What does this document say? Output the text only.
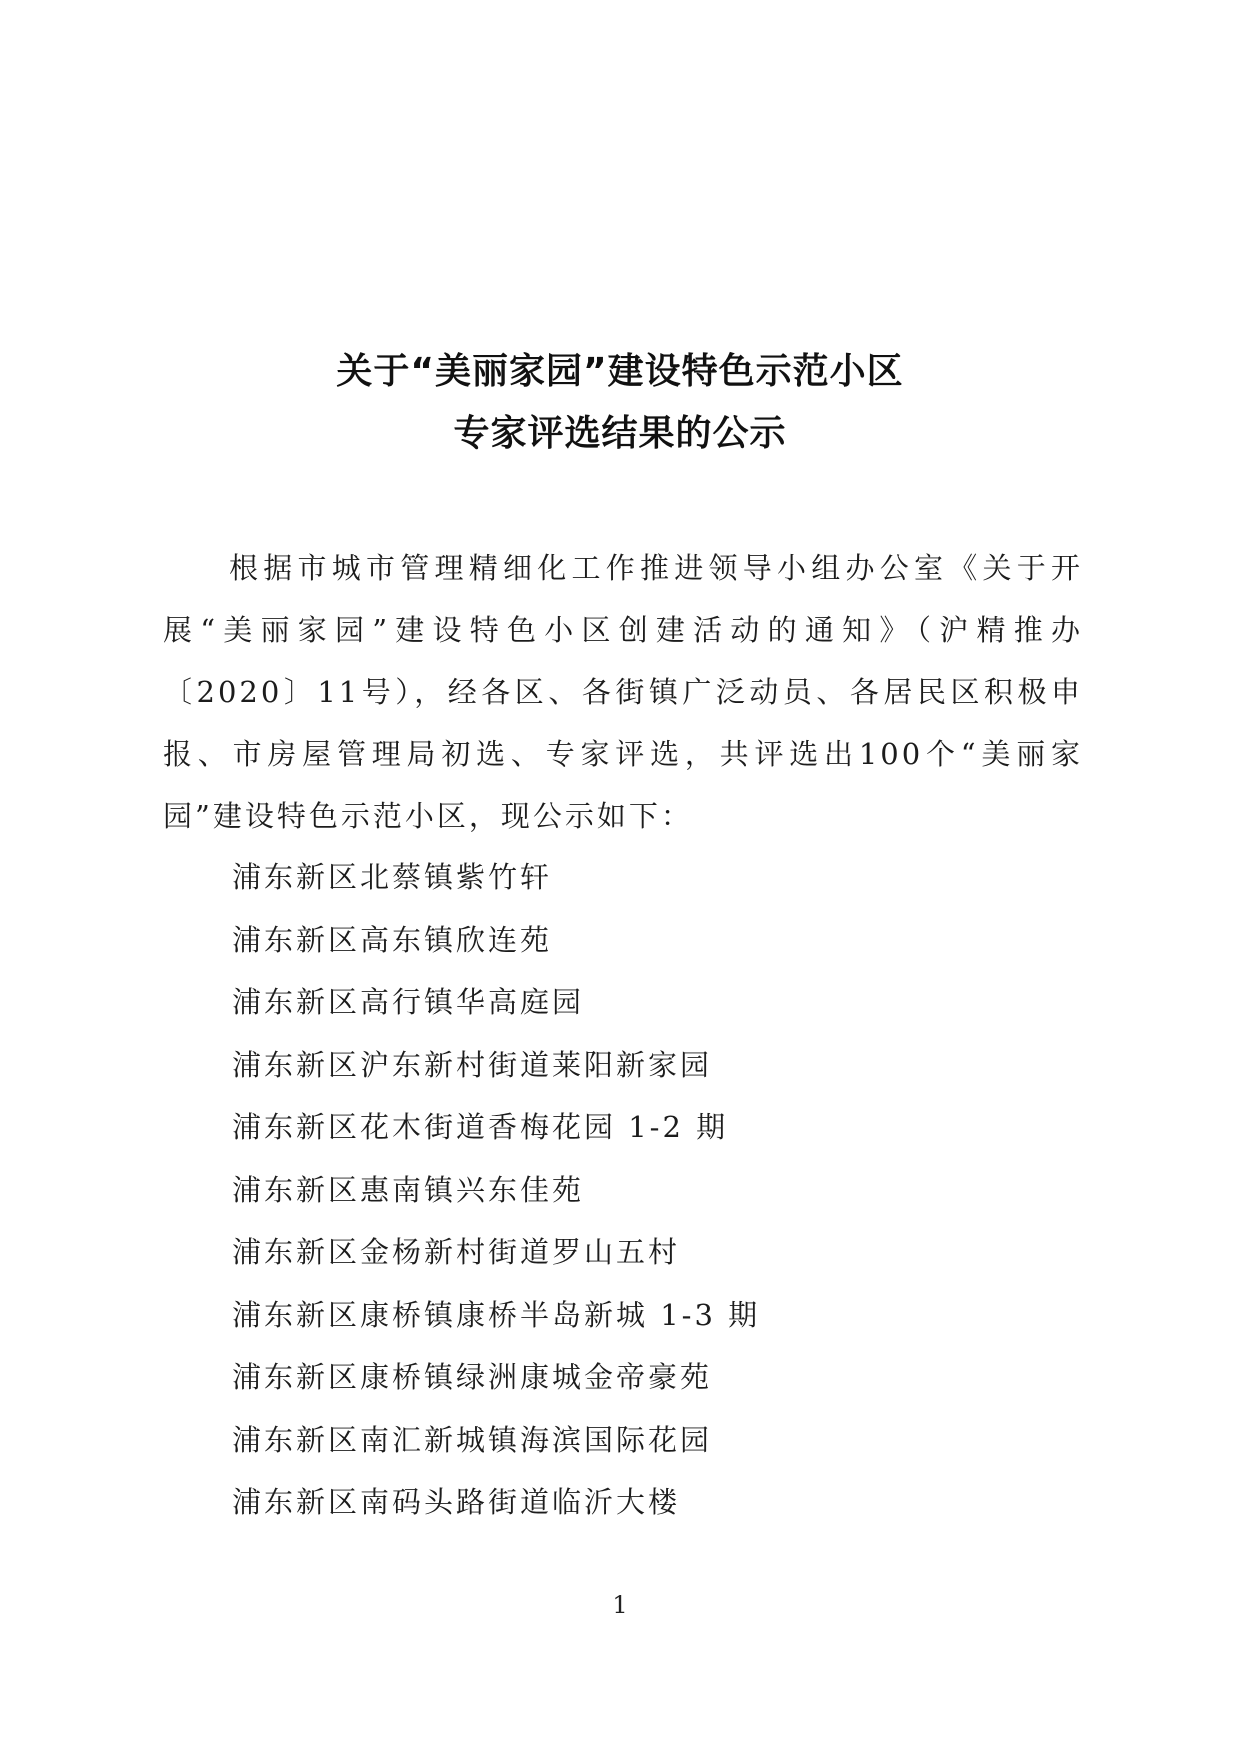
关于“美丽家园”建设特色示范小区
专家评选结果的公示
根据市城市管理精细化工作推进领导小组办公室《关于开展“美丽家园”建设特色小区创建活动的通知》（沪精推办〔2020〕11号），经各区、各街镇广泛动员、各居民区积极申报、市房屋管理局初选、专家评选，共评选出100个“美丽家园”建设特色示范小区，现公示如下：
浦东新区北蔡镇紫竹轩
浦东新区高东镇欣连苑
浦东新区高行镇华高庭园
浦东新区沪东新村街道莱阳新家园
浦东新区花木街道香梅花园 1-2 期
浦东新区惠南镇兴东佳苑
浦东新区金杨新村街道罗山五村
浦东新区康桥镇康桥半岛新城 1-3 期
浦东新区康桥镇绿洲康城金帝豪苑
浦东新区南汇新城镇海滨国际花园
浦东新区南码头路街道临沂大楼
1
